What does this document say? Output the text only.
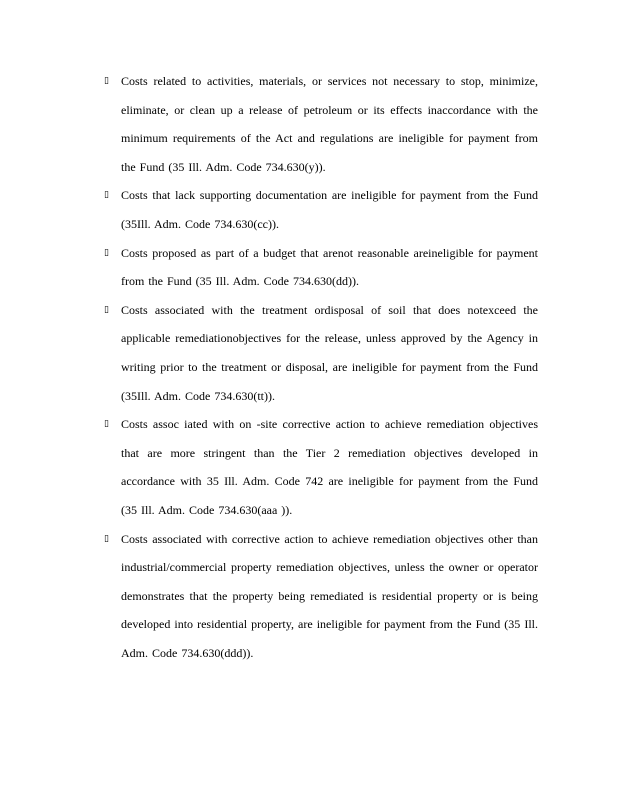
▯	Costs related to activities, materials, or services not necessary to stop, minimize, eliminate, or clean up a release of petroleum or its effects inaccordance with the minimum requirements of the Act and regulations are ineligible for payment from the Fund (35 Ill. Adm. Code 734.630(y)).
▯	Costs that lack supporting documentation are ineligible for payment from the Fund (35Ill. Adm. Code 734.630(cc)).
▯	Costs proposed as part of a budget that arenot reasonable areineligible for payment from the Fund (35 Ill. Adm. Code 734.630(dd)).
▯	Costs associated with the treatment ordisposal of soil that does notexceed the applicable remediationobjectives for the release, unless approved by the Agency in writing prior to the treatment or disposal, are ineligible for payment from the Fund (35Ill. Adm. Code 734.630(tt)).
▯	Costs assoc iated with on -site corrective action to achieve remediation objectives that are more stringent than the Tier 2 remediation objectives developed in accordance with 35 Ill. Adm. Code 742 are ineligible for payment from the Fund (35 Ill. Adm. Code 734.630(aaa )).
▯	Costs associated with corrective action to achieve remediation objectives other than industrial/commercial property remediation objectives, unless the owner or operator demonstrates that the property being remediated is residential property or is being developed into residential property, are ineligible for payment from the Fund (35 Ill. Adm. Code 734.630(ddd)).
